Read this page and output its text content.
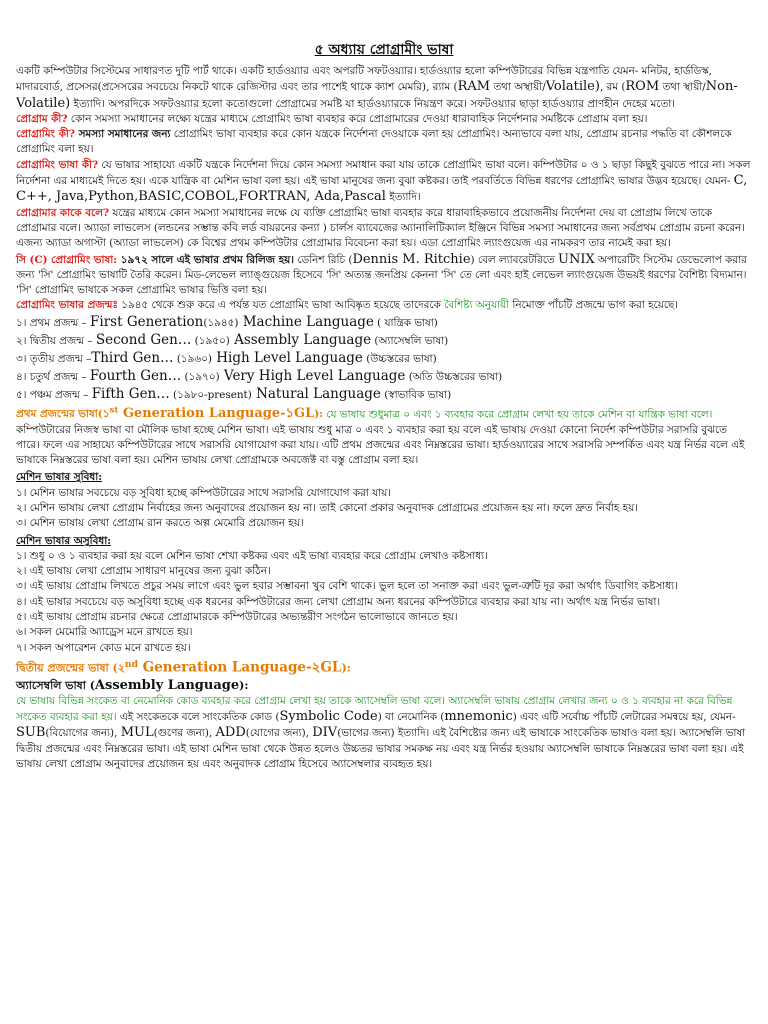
৫ অধ্যায় প্রোগ্রামীং ভাষা

একটি কম্পিউটার সিস্টেমের সাধারণত দুটি পার্ট থাকে। একটি হার্ডওয়্যার এবং অপরটি সফটওয়্যার। হার্ডওয়্যার হলো কম্পিউটারের বিভিন্ন যন্ত্রপাতি যেমন- মনিটর, হার্ডডিস্ক, মাদারবোর্ড, প্রসেসর(প্রসেসরের সবচেয়ে নিকটে থাকে রেজিস্টার এবং তার পাশেই থাকে ক্যাশ মেমরি), র‍্যাম (RAM তথা অস্থায়ী/Volatile), রম (ROM তথা স্থায়ী/Non-Volatile) ইত্যাদি। অপরদিকে সফটওয়্যার হলো কতোগুলো প্রোগ্রামের সমষ্টি যা হার্ডওয়্যারকে নিয়ন্ত্রণ করে। সফটওয়্যার ছাড়া হার্ডওয়্যার প্রাণহীন দেহের মতো।

প্রোগ্রাম কী? কোন সমস্যা সমাধানের লক্ষ্যে যন্ত্রের মাধ্যমে প্রোগ্রামিং ভাষা ব্যবহার করে প্রোগ্রামারের দেওয়া ধারাবাহিক নির্দেশনার সমষ্টিকে প্রোগ্রাম বলা হয়।

প্রোগ্রামিং কী? সমস্যা সমাধানের জন্য প্রোগ্রামিং ভাষা ব্যবহার করে কোন যন্ত্রকে নির্দেশনা দেওয়াকে বলা হয় প্রোগ্রামিং। অন্যভাবে বলা যায়, প্রোগ্রাম রচনার পদ্ধতি বা কৌশলকে প্রোগ্রামিং বলা হয়।

প্রোগ্রামিং ভাষা কী? যে ভাষার সাহায্যে একটি যন্ত্রকে নির্দেশনা দিয়ে কোন সমস্যা সমাধান করা যায় তাকে প্রোগ্রামিং ভাষা বলে। কম্পিউটার ০ ও ১ ছাড়া কিছুই বুঝতে পারে না। সকল নির্দেশনা এর মাধ্যমেই দিতে হয়। একে যান্ত্রিক বা মেশিন ভাষা বলা হয়। এই ভাষা মানুষের জন্য বুঝা কষ্টকর। তাই পরবর্তিতে বিভিন্ন ধরণের প্রোগ্রামিং ভাষার উদ্ভব হয়েছে। যেমন- C, C++, Java,Python,BASIC,COBOL,FORTRAN, Ada,Pascal ইত্যাদি।

প্রোগ্রামার কাকে বলে? যন্ত্রের মাধ্যমে কোন সমস্যা সমাধানের লক্ষে যে ব্যক্তি প্রোগ্রামিং ভাষা ব্যবহার করে ধারাবাহিকভাবে প্রয়োজনীয় নির্দেশনা দেয় বা প্রোগ্রাম লিখে তাকে প্রোগ্রামার বলে। অ্যাডা লাভলেস (লন্ডনের সম্ভান্ত কবি লর্ড বায়রনের কন্যা ) চার্লস ব্যাবেজের অ্যানালিটিক্যাল ইঞ্জিনে বিভিন্ন সমস্যা সমাধানের জন্য সর্বপ্রথম প্রোগ্রাম রচনা করেন। এজন্য অ্যাডা অগাস্টা (অ্যাডা লাভলেস) কে বিশ্বের প্রথম কম্পিউটার প্রোগ্রামার বিবেচনা করা হয়। এডা প্রোগ্রামিং ল্যাংগুয়েজ এর নামকরণ তার নামেই করা হয়।

সি (C) প্রোগ্রামিং ভাষা: ১৯৭২ সালে এই ভাষার প্রথম রিলিজ হয়। ডেনিশ রিচি (Dennis M. Ritchie) বেল ল্যাবরেটরিতে UNIX অপারেটিং সিস্টেম ডেভেলোপ করার জন্য 'সি' প্রোগ্রামিং ভাষাটি তৈরি করেন। মিড-লেভেল ল্যাঙ্গুয়েজ হিসেবে 'সি' অত্যন্ত জনপ্রিয় কেননা 'সি' তে লো এবং হাই লেভেল ল্যাংগুয়েজ উভয়ই ধরণের বৈশিষ্ট্য বিদ্যমান। 'সি' প্রোগ্রামিং ভাষাকে সকল প্রোগ্রামিং ভাষার ভিত্তি বলা হয়।

প্রোগ্রামিং ভাষার প্রজন্মঃ ১৯৪৫ থেকে শুরু করে এ পর্যন্ত যত প্রোগ্রামিং ভাষা আবিষ্কৃত হয়েছে তাদেরকে বৈশিষ্ট্য অনুযায়ী নিমোক্ত পাঁচটি প্রজন্মে ভাগ করা হয়েছে।

১। প্রথম প্রজন্ম – First Generation(১৯৪৫) Machine Language ( যান্ত্রিক ভাষা)
২। দ্বিতীয় প্রজন্ম – Second Gen… (১৯৫০) Assembly Language (অ্যাসেম্বলি ভাষা)
৩। তৃতীয় প্রজন্ম –Third Gen… (১৯৬০) High Level Language (উচ্চস্তরের ভাষা)
৪। চতুর্থ প্রজন্ম – Fourth Gen… (১৯৭০) Very High Level Language (অতি উচ্চস্তরের ভাষা)
৫। পঞ্চম প্রজন্ম – Fifth Gen… (১৯৮০-present) Natural Language (স্বাভাবিক ভাষা)

প্রথম প্রজন্মের ভাষা(১st Generation Language-১GL): যে ভাষায় শুধুমাত্র ০ এবং ১ ব্যবহার করে প্রোগ্রাম লেখা হয় তাকে মেশিন বা যান্ত্রিক ভাষা বলে। কম্পিউটারের নিজস্ব ভাষা বা মৌলিক ভাষা হচ্ছে মেশিন ভাষা। এই ভাষায় শুধু মাত্র ০ এবং ১ ব্যবহার করা হয় বলে এই ভাষায় দেওয়া কোনো নির্দেশ কম্পিউটার সরাসরি বুঝতে পারে। ফলে এর সাহায্যে কম্পিউটারের সাথে সরাসরি যোগাযোগ করা যায়। এটি প্রথম প্রজন্মের এবং নিম্নস্তরের ভাষা। হার্ডওয়্যারের সাথে সরাসরি সম্পর্কিত এবং যন্ত্র নির্ভর বলে এই ভাষাকে নিম্নস্তরের ভাষা বলা হয়। মেশিন ভাষায় লেখা প্রোগ্রামকে অবজেক্ট বা বস্তু প্রোগ্রাম বলা হয়।

মেশিন ভাষার সুবিধা:
১। মেশিন ভাষার সবচেয়ে বড় সুবিধা হচ্ছে কম্পিউটারের সাথে সরাসরি যোগাযোগ করা যায়।
২। মেশিন ভাষায় লেখা প্রোগ্রাম নির্বাহের জন্য অনুবাদের প্রয়োজন হয় না। তাই কোনো প্রকার অনুবাদক প্রোগ্রামের প্রয়োজন হয় না। ফলে দ্রুত নির্বাহ হয়।
৩। মেশিন ভাষায় লেখা প্রোগ্রাম রান করতে অল্প মেমোরি প্রয়োজন হয়।
মেশিন ভাষার অসুবিধা:
১। শুধু ০ ও ১ ব্যবহার করা হয় বলে মেশিন ভাষা শেখা কষ্টকর এবং এই ভাষা ব্যবহার করে প্রোগ্রাম লেখাও কষ্টসাধ্য।
২। এই ভাষায় লেখা প্রোগ্রাম সাধারণ মানুষের জন্য বুঝা কঠিন।
৩। এই ভাষায় প্রোগ্রাম লিখতে প্রচুর সময় লাগে এবং ভুল হবার সম্ভাবনা খুব বেশি থাকে। ভুল হলে তা সনাক্ত করা এবং ভুল-ত্রুটি দূর করা অর্থাৎ ডিবাগিং কষ্টসাধ্য।
৪। এই ভাষার সবচেয়ে বড় অসুবিধা হচ্ছে এক ধরনের কম্পিউটারের জন্য লেখা প্রোগ্রাম অন্য ধরনের কম্পিউটারে ব্যবহার করা যায় না। অর্থাৎ যন্ত্র নির্ভর ভাষা।
৫। এই ভাষায় প্রোগ্রাম রচনার ক্ষেত্রে প্রোগ্রামারকে কম্পিউটারের অভ্যন্তরীণ সংগঠন ভালোভাবে জানতে হয়।
৬। সকল মেমোরি অ্যাড্রেস মনে রাখতে হয়।
৭। সকল অপারেশন কোড মনে রাখতে হয়।
দ্বিতীয় প্রজন্মের ভাষা (২nd Generation Language-২GL):
অ্যাসেম্বলি ভাষা (Assembly Language):

যে ভাষায় বিভিন্ন সংকেত বা নেমোনিক কোড ব্যবহার করে প্রোগ্রাম লেখা হয় তাকে অ্যাসেম্বলি ভাষা বলে। অ্যাসেম্বলি ভাষায় প্রোগ্রাম লেখার জন্য ০ ও ১ ব্যবহার না করে বিভিন্ন সংকেত ব্যবহার করা হয়। এই সংকেতকে বলে সাংকেতিক কোড (Symbolic Code) বা নেমোনিক (mnemonic) এবং এটি সর্বোচ্চ পাঁচটি লেটারের সমন্বয়ে হয়, যেমন- SUB(বিয়োগের জন্য), MUL(গুণের জন্য), ADD(যোগের জন্য), DIV(ভাগের জন্য) ইত্যাদি। এই বৈশিষ্ট্যের জন্য এই ভাষাকে সাংকেতিক ভাষাও বলা হয়। অ্যাসেম্বলি ভাষা দ্বিতীয় প্রজন্মের এবং নিম্নস্তরের ভাষা। এই ভাষা মেশিন ভাষা থেকে উন্নত হলেও উচ্চতর ভাষার সমকক্ষ নয় এবং যন্ত্র নির্ভর হওয়ায় অ্যাসেম্বলি ভাষাকে নিম্নস্তরের ভাষা বলা হয়। এই ভাষায় লেখা প্রোগ্রাম অনুবাদের প্রয়োজন হয় এবং অনুবাদক প্রোগ্রাম হিসেবে অ্যাসেম্বলার ব্যবহৃত হয়।
